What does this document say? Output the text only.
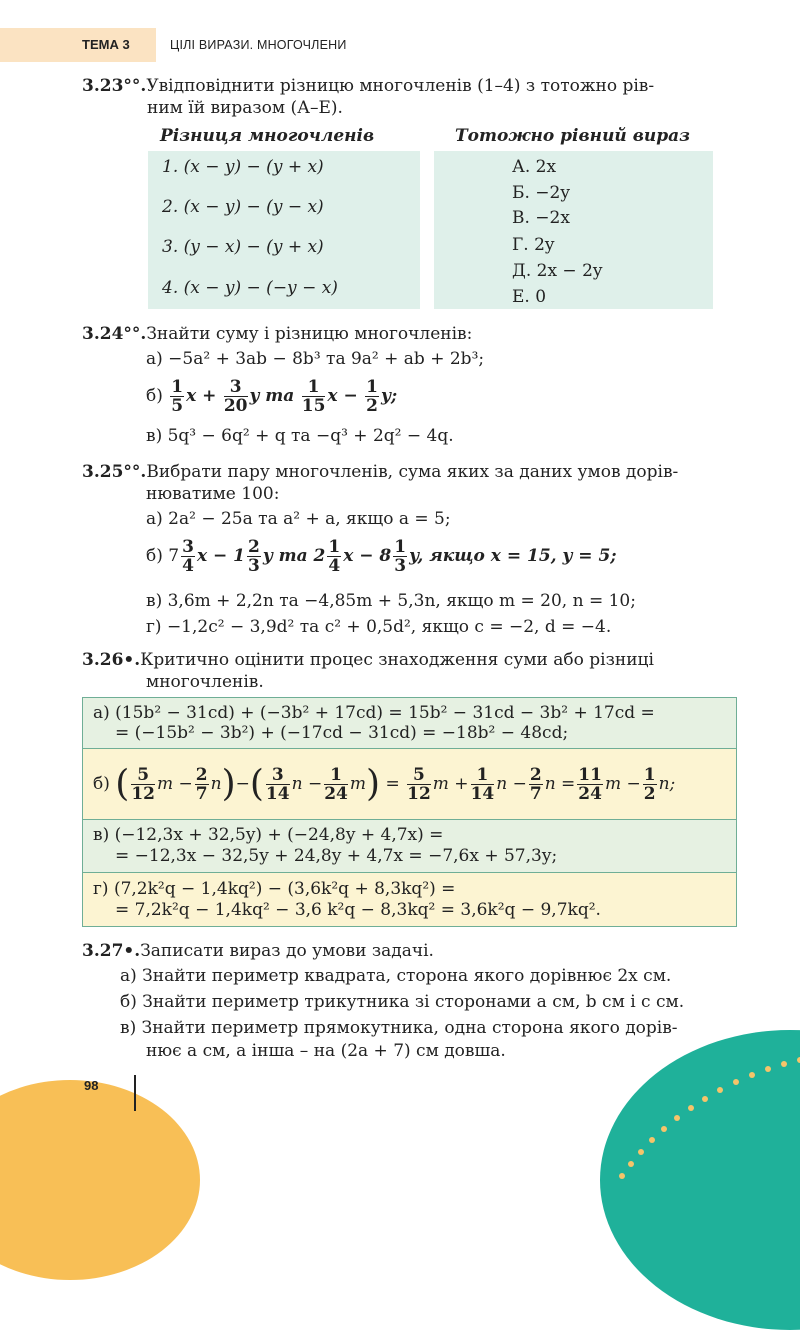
ТЕМА 3	ЦІЛІ ВИРАЗИ. МНОГОЧЛЕНИ
3.23°°.Увідповіднити різницю многочленів (1–4) з тотожно рів-
ним їй виразом (А–Е).
Різниця многочленів	Тотожно рівний вираз
1. (x − y) − (y + x)
2. (x − y) − (y − x)
3. (y − x) − (y + x)
4. (x − y) − (−y − x)
А. 2x
Б. −2y
В. −2x
Г. 2y
Д. 2x − 2y
Е. 0
3.24°°.Знайти суму і різницю многочленів:
а) −5a² + 3ab − 8b³ та 9a² + ab + 2b³;
$б) \frac{1}{5}$ $x + \frac{3}{20}$ y та $\frac{1}{15}$ $x - \frac{1}{2} y$;
в) 5q³ − 6q² + q та −q³ + 2q² − 4q.
3.25°°.Вибрати пару многочленів, сума яких за даних умов дорів-
нюватиме 100:
а) 2a² − 25a та a² + a, якщо a = 5;
б) $7 \frac{3}{4}$ $x - 1 \frac{2}{3}$ y та $2 \frac{1}{4}$ $x - 8 \frac{1}{3} y$, якщо x = 15, y = 5;
в) 3,6m + 2,2n та −4,85m + 5,3n, якщо m = 20, n = 10;
г) −1,2c² − 3,9d² та c² + 0,5d², якщо c = −2, d = −4.
3.26•.Критично оцінити процес знаходження суми або різниці
многочленів.
а) (15b² − 31cd) + (−3b² + 17cd) = 15b² − 31cd − 3b² + 17cd =
= (−15b² − 3b²) + (−17cd − 31cd) = −18b² − 48cd;
б) ( $\frac{5}{12}$ $m - \frac{2}{7} n)-( \frac{3}{14}$ $n - \frac{1}{24} m) = \frac{5}{12}$ $m + \frac{1}{14}$ $n - \frac{2}{7}$ $n = \frac{11}{24}$ $m - \frac{1}{2} n$;
в) (−12,3x + 32,5y) + (−24,8y + 4,7x) =
= −12,3x − 32,5y + 24,8y + 4,7x = −7,6x + 57,3y;
г) (7,2k²q − 1,4kq²) − (3,6k²q + 8,3kq²) =
= 7,2k²q − 1,4kq² − 3,6 k²q − 8,3kq² = 3,6k²q − 9,7kq².
3.27•.Записати вираз до умови задачі.
а) Знайти периметр квадрата, сторона якого дорівнює 2x см.
б) Знайти периметр трикутника зі сторонами a см, b см і c см.
в) Знайти периметр прямокутника, одна сторона якого дорів-
нює a см, а інша – на (2a + 7) см довша.
98
